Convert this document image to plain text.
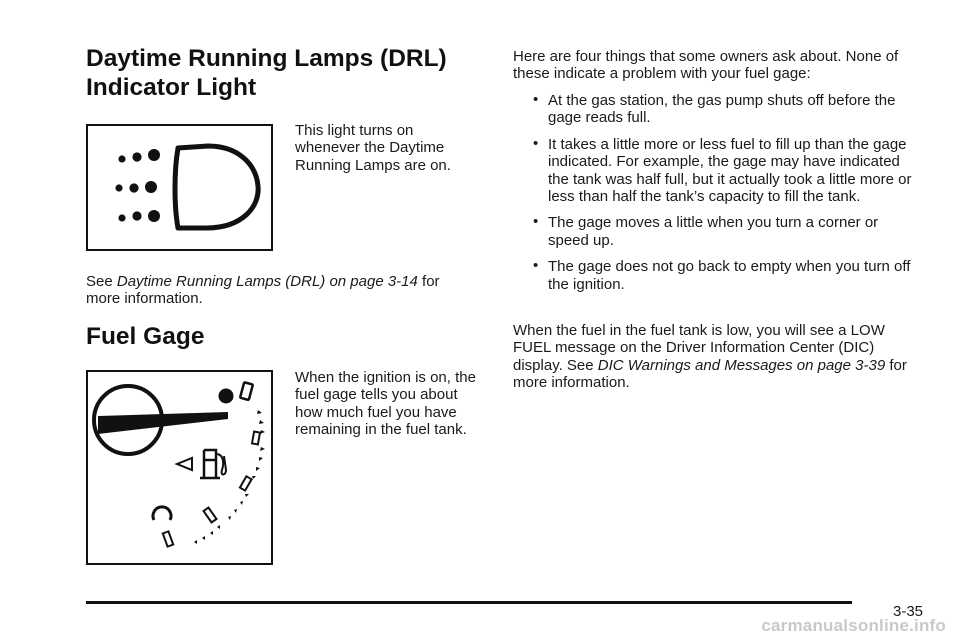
Daytime Running Lamps (DRL)
Indicator Light

This light turns on whenever the Daytime Running Lamps are on.

See Daytime Running Lamps (DRL) on page 3-14 for more information.

Fuel Gage

When the ignition is on, the fuel gage tells you about how much fuel you have remaining in the fuel tank.

Here are four things that some owners ask about. None of these indicate a problem with your fuel gage:

• At the gas station, the gas pump shuts off before the gage reads full.
• It takes a little more or less fuel to fill up than the gage indicated. For example, the gage may have indicated the tank was half full, but it actually took a little more or less than half the tank’s capacity to fill the tank.
• The gage moves a little when you turn a corner or speed up.
• The gage does not go back to empty when you turn off the ignition.

When the fuel in the fuel tank is low, you will see a LOW FUEL message on the Driver Information Center (DIC) display. See DIC Warnings and Messages on page 3-39 for more information.

3-35
carmanualsonline.info
